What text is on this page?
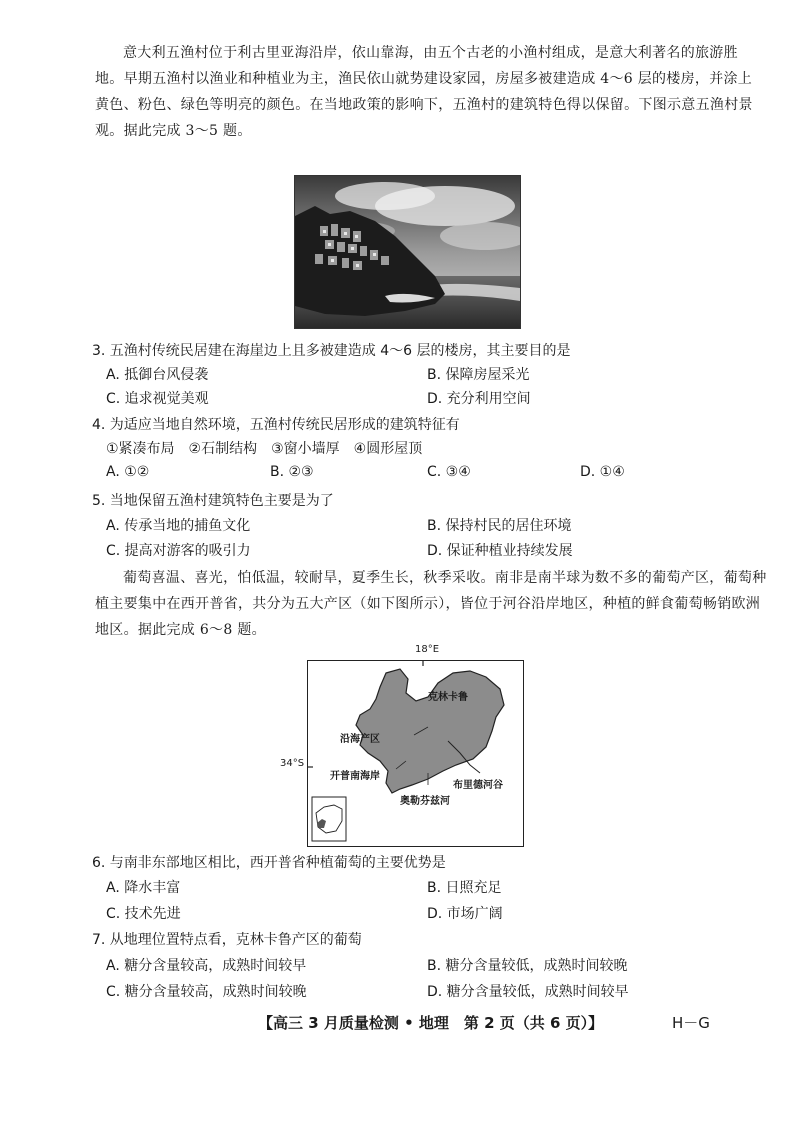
意大利五渔村位于利古里亚海沿岸，依山靠海，由五个古老的小渔村组成，是意大利著名的旅游胜
地。早期五渔村以渔业和种植业为主，渔民依山就势建设家园，房屋多被建造成 4～6 层的楼房，并涂上
黄色、粉色、绿色等明亮的颜色。在当地政策的影响下，五渔村的建筑特色得以保留。下图示意五渔村景
观。据此完成 3～5 题。
3. 五渔村传统民居建在海崖边上且多被建造成 4～6 层的楼房，其主要目的是
A. 抵御台风侵袭	B. 保障房屋采光
C. 追求视觉美观	D. 充分利用空间
4. 为适应当地自然环境，五渔村传统民居形成的建筑特征有
①紧凑布局　②石制结构　③窗小墙厚　④圆形屋顶
A. ①②	B. ②③	C. ③④	D. ①④
5. 当地保留五渔村建筑特色主要是为了
A. 传承当地的捕鱼文化	B. 保持村民的居住环境
C. 提高对游客的吸引力	D. 保证种植业持续发展
葡萄喜温、喜光，怕低温，较耐旱，夏季生长，秋季采收。南非是南半球为数不多的葡萄产区，葡萄种
植主要集中在西开普省，共分为五大产区（如下图所示），皆位于河谷沿岸地区，种植的鲜食葡萄畅销欧洲
地区。据此完成 6～8 题。
18°E
34°S
克林卡鲁
沿海产区
开普南海岸
布里德河谷
奥勒芬兹河
6. 与南非东部地区相比，西开普省种植葡萄的主要优势是
A. 降水丰富	B. 日照充足
C. 技术先进	D. 市场广阔
7. 从地理位置特点看，克林卡鲁产区的葡萄
A. 糖分含量较高，成熟时间较早	B. 糖分含量较低，成熟时间较晚
C. 糖分含量较高，成熟时间较晚	D. 糖分含量较低，成熟时间较早
【高三 3 月质量检测 • 地理　第 2 页（共 6 页）】	H－G
